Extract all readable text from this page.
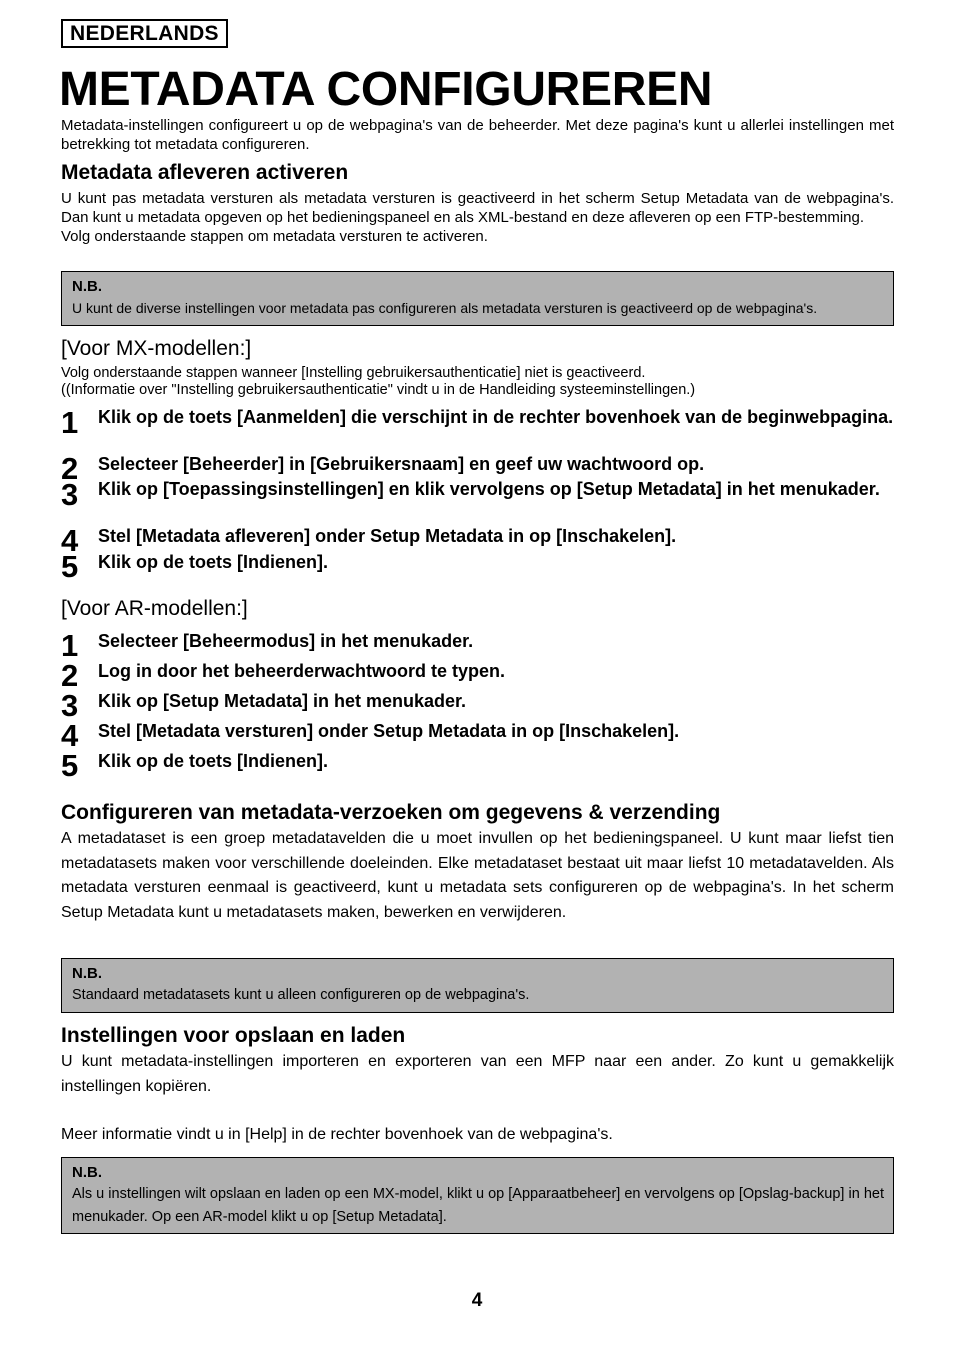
NEDERLANDS
METADATA CONFIGUREREN

Metadata-instellingen configureert u op de webpagina's van de beheerder. Met deze pagina's kunt u allerlei instellingen met betrekking tot metadata configureren.

Metadata afleveren activeren

U kunt pas metadata versturen als metadata versturen is geactiveerd in het scherm Setup Metadata van de webpagina's. Dan kunt u metadata opgeven op het bedieningspaneel en als XML-bestand en deze afleveren op een FTP-bestemming.

Volg onderstaande stappen om metadata versturen te activeren.

N.B.

U kunt de diverse instellingen voor metadata pas configureren als metadata versturen is geactiveerd op de webpagina's.

[Voor MX-modellen:]

Volg onderstaande stappen wanneer [Instelling gebruikersauthenticatie] niet is geactiveerd.

((Informatie over "Instelling gebruikersauthenticatie" vindt u in de Handleiding systeeminstellingen.)

1 Klik op de toets [Aanmelden] die verschijnt in de rechter bovenhoek van de beginwebpagina.
2 Selecteer [Beheerder] in [Gebruikersnaam] en geef uw wachtwoord op.
3 Klik op [Toepassingsinstellingen] en klik vervolgens op [Setup Metadata] in het menukader.
4 Stel [Metadata afleveren] onder Setup Metadata in op [Inschakelen].
5 Klik op de toets [Indienen].
[Voor AR-modellen:]
1 Selecteer [Beheermodus] in het menukader.
2 Log in door het beheerderwachtwoord te typen.
3 Klik op [Setup Metadata] in het menukader.
4 Stel [Metadata versturen] onder Setup Metadata in op [Inschakelen].
5 Klik op de toets [Indienen].
Configureren van metadata-verzoeken om gegevens & verzending

A metadataset is een groep metadatavelden die u moet invullen op het bedieningspaneel. U kunt maar liefst tien metadatasets maken voor verschillende doeleinden. Elke metadataset bestaat uit maar liefst 10 metadatavelden. Als metadata versturen eenmaal is geactiveerd, kunt u metadata sets configureren op de webpagina's. In het scherm Setup Metadata kunt u metadatasets maken, bewerken en verwijderen.

N.B.

Standaard metadatasets kunt u alleen configureren op de webpagina's.

Instellingen voor opslaan en laden

U kunt metadata-instellingen importeren en exporteren van een MFP naar een ander. Zo kunt u gemakkelijk instellingen kopiëren.

Meer informatie vindt u in [Help] in de rechter bovenhoek van de webpagina's.

N.B.

Als u instellingen wilt opslaan en laden op een MX-model, klikt u op [Apparaatbeheer] en vervolgens op [Opslag-backup] in het menukader. Op een AR-model klikt u op [Setup Metadata].

4
